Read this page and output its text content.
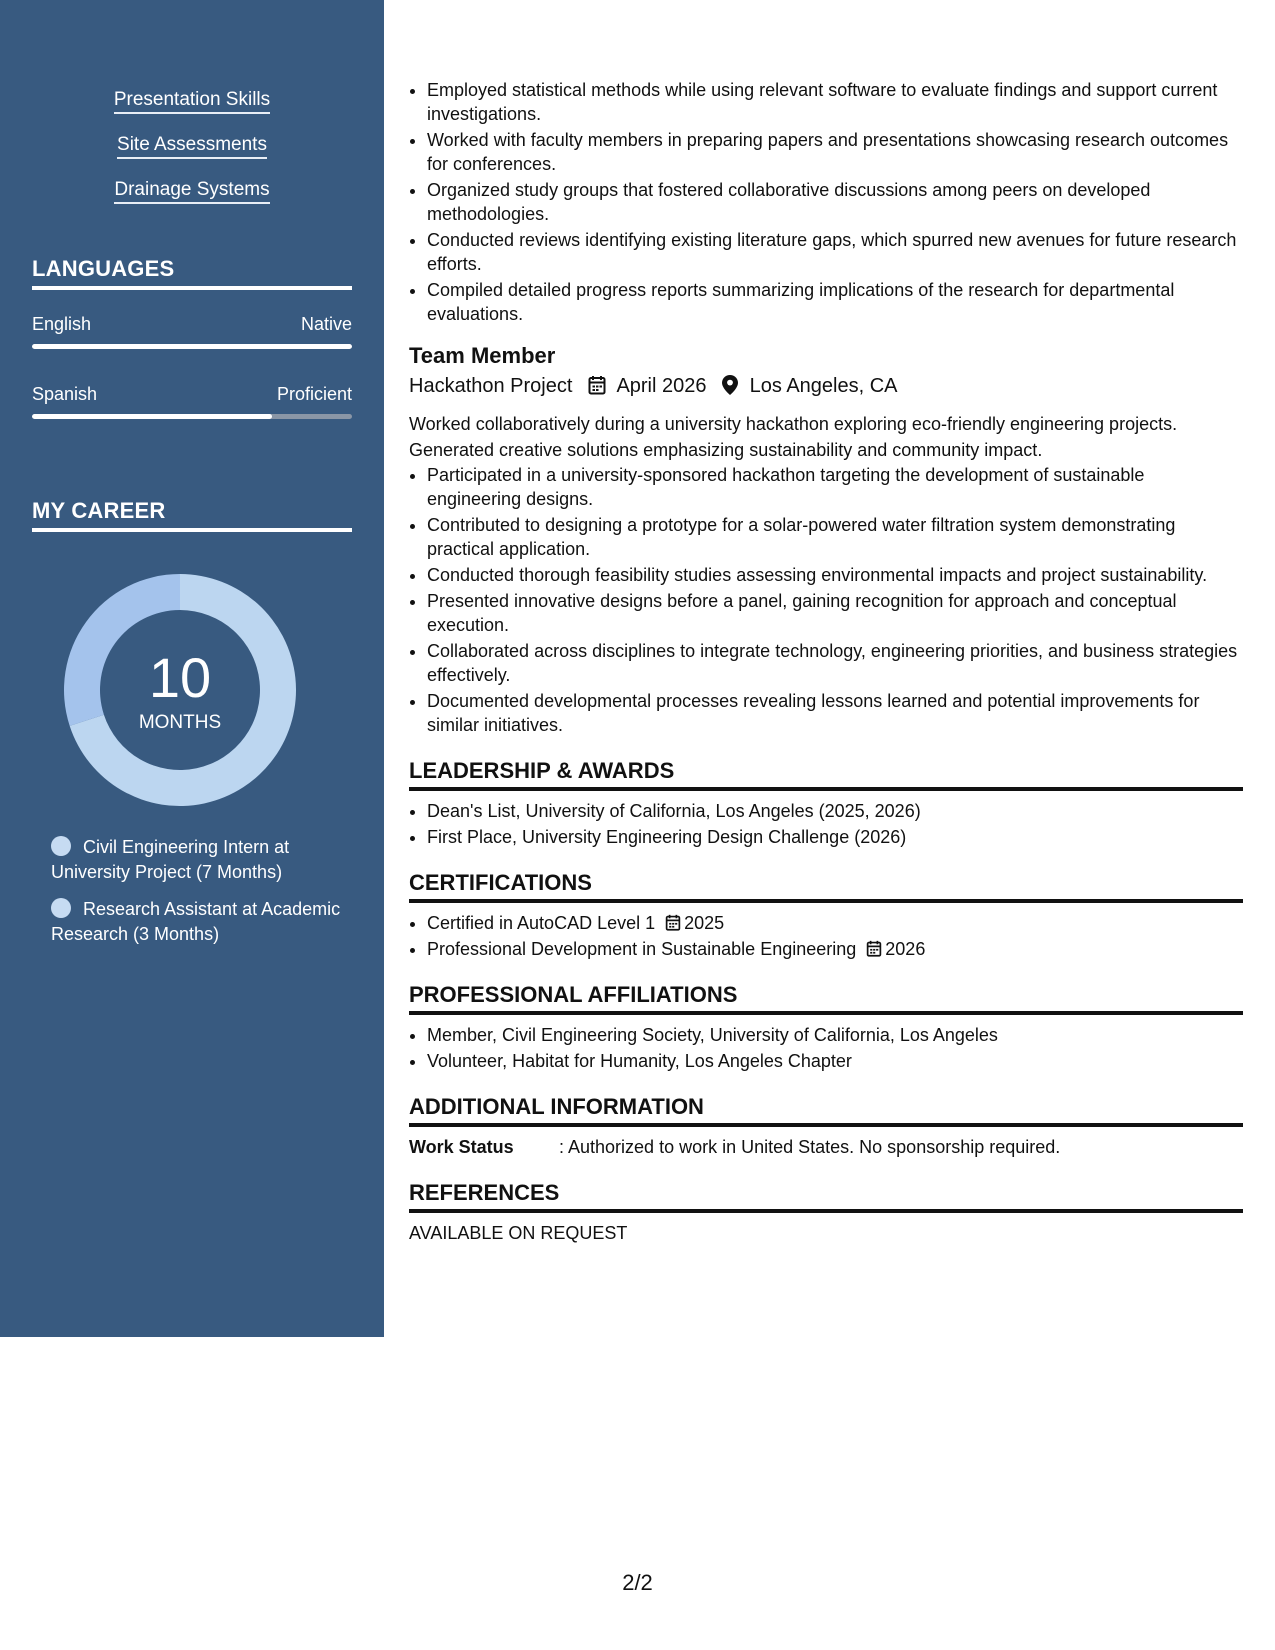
Presentation Skills
Site Assessments
Drainage Systems
LANGUAGES
English	Native
Spanish	Proficient
MY CAREER
10
MONTHS
Civil Engineering Intern at University Project (7 Months)
Research Assistant at Academic Research (3 Months)
• Employed statistical methods while using relevant software to evaluate findings and support current investigations.
• Worked with faculty members in preparing papers and presentations showcasing research outcomes for conferences.
• Organized study groups that fostered collaborative discussions among peers on developed methodologies.
• Conducted reviews identifying existing literature gaps, which spurred new avenues for future research efforts.
• Compiled detailed progress reports summarizing implications of the research for departmental evaluations.
Team Member
Hackathon Project April 2026 Los Angeles, CA
Worked collaboratively during a university hackathon exploring eco-friendly engineering projects. Generated creative solutions emphasizing sustainability and community impact.
• Participated in a university-sponsored hackathon targeting the development of sustainable engineering designs.
• Contributed to designing a prototype for a solar-powered water filtration system demonstrating practical application.
• Conducted thorough feasibility studies assessing environmental impacts and project sustainability.
• Presented innovative designs before a panel, gaining recognition for approach and conceptual execution.
• Collaborated across disciplines to integrate technology, engineering priorities, and business strategies effectively.
• Documented developmental processes revealing lessons learned and potential improvements for similar initiatives.
LEADERSHIP & AWARDS
• Dean's List, University of California, Los Angeles (2025, 2026)
• First Place, University Engineering Design Challenge (2026)
CERTIFICATIONS
• Certified in AutoCAD Level 1 2025
• Professional Development in Sustainable Engineering 2026
PROFESSIONAL AFFILIATIONS
• Member, Civil Engineering Society, University of California, Los Angeles
• Volunteer, Habitat for Humanity, Los Angeles Chapter
ADDITIONAL INFORMATION
Work Status	: Authorized to work in United States. No sponsorship required.
REFERENCES
AVAILABLE ON REQUEST
2/2
